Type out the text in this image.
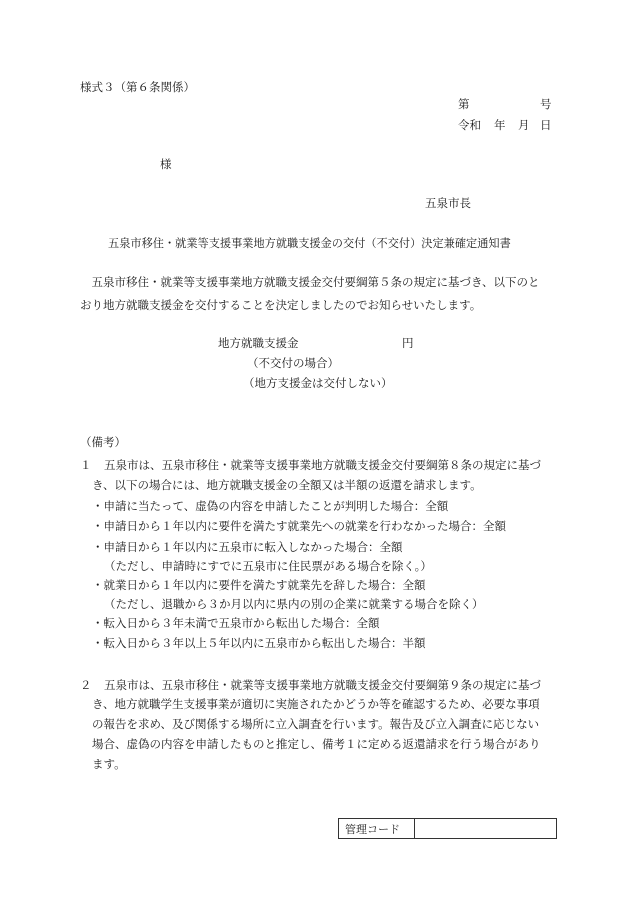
様式３（第６条関係）

第	号

令和 年 月 日

様

五泉市長

五泉市移住・就業等支援事業地方就職支援金の交付（不交付）決定兼確定通知書

　五泉市移住・就業等支援事業地方就職支援金交付要綱第５条の規定に基づき、以下のとおり地方就職支援金を交付することを決定しましたのでお知らせいたします。

地方就職支援金	円

（不交付の場合）

（地方支援金は交付しない）

（備考）

１ 五泉市は、五泉市移住・就業等支援事業地方就職支援金交付要綱第８条の規定に基づ

き、以下の場合には、地方就職支援金の全額又は半額の返還を請求します。

・申請に当たって、虚偽の内容を申請したことが判明した場合：全額

・申請日から１年以内に要件を満たす就業先への就業を行わなかった場合：全額

・申請日から１年以内に五泉市に転入しなかった場合：全額

（ただし、申請時にすでに五泉市に住民票がある場合を除く。）

・就業日から１年以内に要件を満たす就業先を辞した場合：全額

（ただし、退職から３か月以内に県内の別の企業に就業する場合を除く）

・転入日から３年未満で五泉市から転出した場合：全額

・転入日から３年以上５年以内に五泉市から転出した場合：半額

２ 五泉市は、五泉市移住・就業等支援事業地方就職支援金交付要綱第９条の規定に基づ

き、地方就職学生支援事業が適切に実施されたかどうか等を確認するため、必要な事項

の報告を求め、及び関係する場所に立入調査を行います。報告及び立入調査に応じない

場合、虚偽の内容を申請したものと推定し、備考１に定める返還請求を行う場合があり

ます。

管理コード
